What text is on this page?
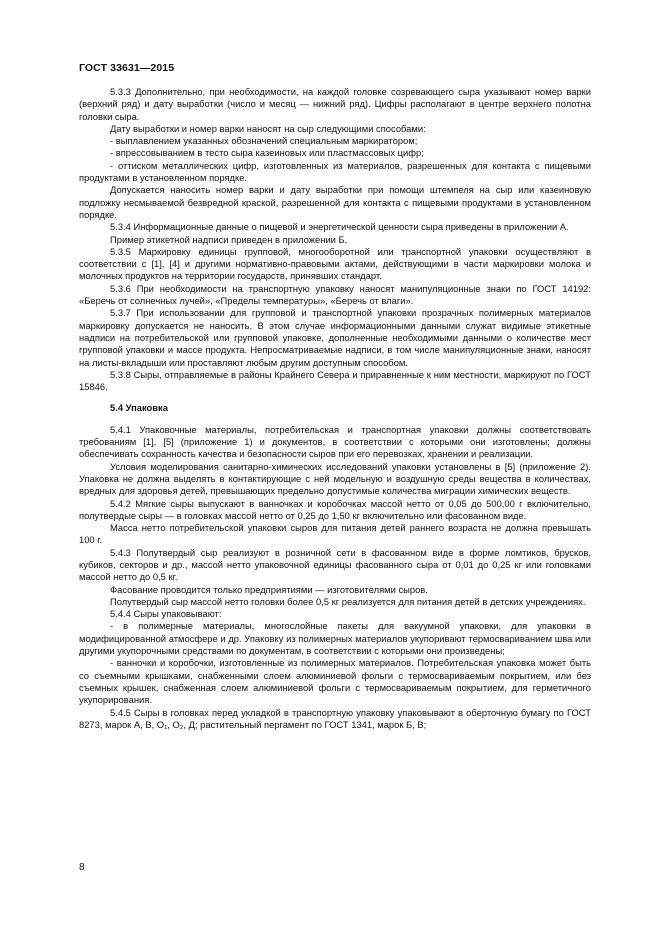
ГОСТ 33631—2015

5.3.3 Дополнительно, при необходимости, на каждой головке созревающего сыра указывают номер варки (верхний ряд) и дату выработки (число и месяц — нижний ряд). Цифры располагают в центре верхнего полотна головки сыра.

Дату выработки и номер варки наносят на сыр следующими способами:

- выплавлением указанных обозначений специальным маркиратором;

- впрессовыванием в тесто сыра казеиновых или пластмассовых цифр;

- оттиском металлических цифр, изготовленных из материалов, разрешенных для контакта с пищевыми продуктами в установленном порядке.

Допускается наносить номер варки и дату выработки при помощи штемпеля на сыр или казеиновую подложку несмываемой безвредной краской, разрешенной для контакта с пищевыми продуктами в установленном порядке.

5.3.4 Информационные данные о пищевой и энергетической ценности сыра приведены в приложении А.

Пример этикетной надписи приведен в приложении Б.

5.3.5 Маркировку единицы групповой, многооборотной или транспортной упаковки осуществляют в соответствии с [1], [4] и другими нормативно-правовыми актами, действующими в части маркировки молока и молочных продуктов на территории государств, принявших стандарт.

5.3.6 При необходимости на транспортную упаковку наносят манипуляционные знаки по ГОСТ 14192: «Беречь от солнечных лучей», «Пределы температуры», «Беречь от влаги».

5.3.7 При использовании для групповой и транспортной упаковки прозрачных полимерных материалов маркировку допускается не наносить. В этом случае информационными данными служат видимые этикетные надписи на потребительской или групповой упаковке, дополненные необходимыми данными о количестве мест групповой упаковки и массе продукта. Непросматриваемые надписи, в том числе манипуляционные знаки, наносят на листы-вкладыши или проставляют любым другим доступным способом.

5.3.8 Сыры, отправляемые в районы Крайнего Севера и приравненные к ним местности, маркируют по ГОСТ 15846.

5.4 Упаковка

5.4.1 Упаковочные материалы, потребительская и транспортная упаковки должны соответствовать требованиям [1], [5] (приложение 1) и документов, в соответствии с которыми они изготовлены; должны обеспечивать сохранность качества и безопасности сыров при его перевозках, хранении и реализации.

Условия моделирования санитарно-химических исследований упаковки установлены в [5] (приложение 2). Упаковка не должна выделять в контактирующие с ней модельную и воздушную среды вещества в количествах, вредных для здоровья детей, превышающих предельно допустимые количества миграции химических веществ.

5.4.2 Мягкие сыры выпускают в ванночках и коробочках массой нетто от 0,05 до 500,00 г включительно, полутвердые сыры — в головках массой нетто от 0,25 до 1,50 кг включительно или фасованном виде.

Масса нетто потребительской упаковки сыров для питания детей раннего возраста не должна превышать 100 г.

5.4.3 Полутвердый сыр реализуют в розничной сети в фасованном виде в форме ломтиков, брусков, кубиков, секторов и др., массой нетто упаковочной единицы фасованного сыра от 0,01 до 0,25 кг или головками массой нетто до 0,5 кг.

Фасование проводится только предприятиями — изготовителями сыров.

Полутвердый сыр массой нетто головки более 0,5 кг реализуется для питания детей в детских учреждениях.

5.4.4 Сыры упаковывают:

- в полимерные материалы, многослойные пакеты для вакуумной упаковки, для упаковки в модифицированной атмосфере и др. Упаковку из полимерных материалов укупоривают термосвариванием шва или другими укупорочными средствами по документам, в соответствии с которыми они произведены;

- ванночки и коробочки, изготовленные из полимерных материалов. Потребительская упаковка может быть со съемными крышками, снабженными слоем алюминиевой фольги с термосвариваемым покрытием, или без съемных крышек, снабженная слоем алюминиевой фольги с термосвариваемым покрытием, для герметичного укупорирования.

5.4.5 Сыры в головках перед укладкой в транспортную упаковку упаковывают в оберточную бумагу по ГОСТ 8273, марок А, В, О₁, О₂, Д; растительный пергамент по ГОСТ 1341, марок Б, В;

8
